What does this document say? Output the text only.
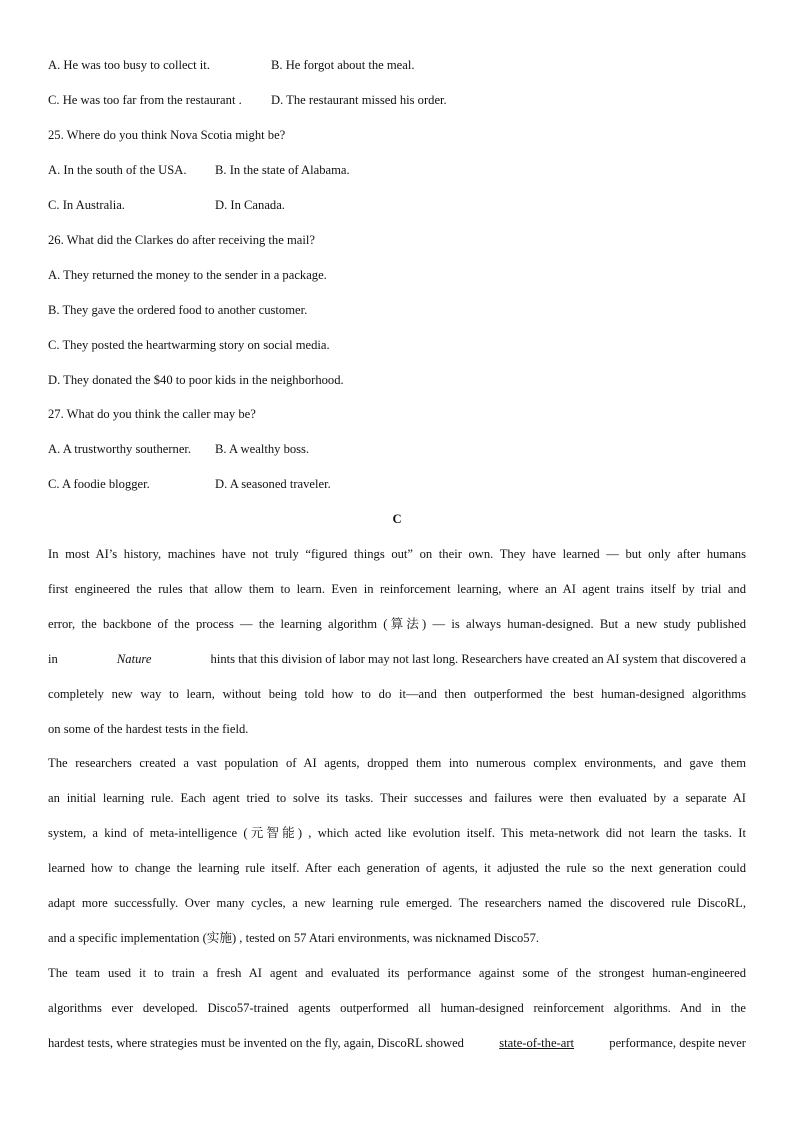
A. He was too busy to collect it.	B. He forgot about the meal.
C. He was too far from the restaurant . D. The restaurant missed his order.
25. Where do you think Nova Scotia might be?
A. In the south of the USA. B. In the state of Alabama.
C. In Australia.	D. In Canada.
26. What did the Clarkes do after receiving the mail?
A. They returned the money to the sender in a package.
B. They gave the ordered food to another customer.
C. They posted the heartwarming story on social media.
D. They donated the $40 to poor kids in the neighborhood.
27. What do you think the caller may be?
A. A trustworthy southerner. B. A wealthy boss.
C. A foodie blogger.	D. A seasoned traveler.
C
In most AI’s history, machines have not truly “figured things out” on their own. They have learned — but only after humans
first engineered the rules that allow them to learn. Even in reinforcement learning, where an AI agent trains itself by trial and
error, the backbone of the process — the learning algorithm (算法) — is always human-designed. But a new study published
in	Nature	hints that this division of labor may not last long. Researchers have created an AI system that discovered a
completely new way to learn, without being told how to do it—and then outperformed the best human-designed algorithms
on some of the hardest tests in the field.
The researchers created a vast population of AI agents, dropped them into numerous complex environments, and gave them
an initial learning rule. Each agent tried to solve its tasks. Their successes and failures were then evaluated by a separate AI
system, a kind of meta-intelligence (元智能) , which acted like evolution itself. This meta-network did not learn the tasks. It
learned how to change the learning rule itself. After each generation of agents, it adjusted the rule so the next generation could
adapt more successfully. Over many cycles, a new learning rule emerged. The researchers named the discovered rule DiscoRL,
and a specific implementation (实施) , tested on 57 Atari environments, was nicknamed Disco57.
The team used it to train a fresh AI agent and evaluated its performance against some of the strongest human-engineered
algorithms ever developed. Disco57-trained agents outperformed all human-designed reinforcement algorithms. And in the
hardest tests, where strategies must be invented on the fly, again, DiscoRL showed	state-of-the-art	performance, despite never
